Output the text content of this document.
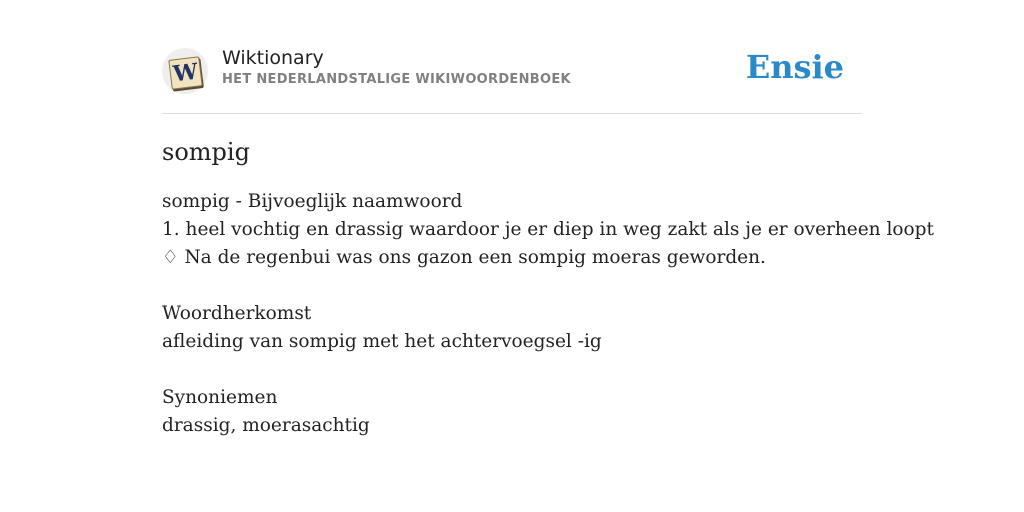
W
Wiktionary
HET NEDERLANDSTALIGE WIKIWOORDENBOEK	Ensie
sompig
sompig - Bijvoeglijk naamwoord
1. heel vochtig en drassig waardoor je er diep in weg zakt als je er overheen loopt
♢ Na de regenbui was ons gazon een sompig moeras geworden.
Woordherkomst
afleiding van sompig met het achtervoegsel -ig
Synoniemen
drassig, moerasachtig
